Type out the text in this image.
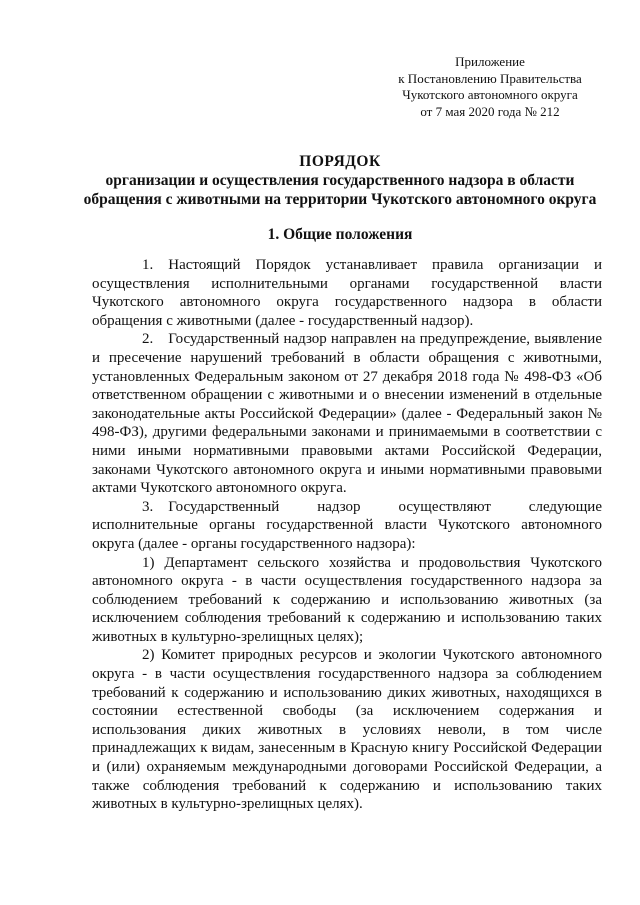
Приложение
к Постановлению Правительства
Чукотского автономного округа
от 7 мая 2020 года № 212
ПОРЯДОК
организации и осуществления государственного надзора в области
обращения с животными на территории Чукотского автономного округа
1. Общие положения

1. Настоящий Порядок устанавливает правила организации и осуществления исполнительными органами государственной власти Чукотского автономного округа государственного надзора в области обращения с животными (далее - государственный надзор).

2. Государственный надзор направлен на предупреждение, выявление и пресечение нарушений требований в области обращения с животными, установленных Федеральным законом от 27 декабря 2018 года № 498-ФЗ «Об ответственном обращении с животными и о внесении изменений в отдельные законодательные акты Российской Федерации» (далее - Федеральный закон № 498-ФЗ), другими федеральными законами и принимаемыми в соответствии с ними иными нормативными правовыми актами Российской Федерации, законами Чукотского автономного округа и иными нормативными правовыми актами Чукотского автономного округа.

3. Государственный надзор осуществляют следующие исполнительные органы государственной власти Чукотского автономного округа (далее - органы государственного надзора):

1) Департамент сельского хозяйства и продовольствия Чукотского автономного округа - в части осуществления государственного надзора за соблюдением требований к содержанию и использованию животных (за исключением соблюдения требований к содержанию и использованию таких животных в культурно-зрелищных целях);

2) Комитет природных ресурсов и экологии Чукотского автономного округа - в части осуществления государственного надзора за соблюдением требований к содержанию и использованию диких животных, находящихся в состоянии естественной свободы (за исключением содержания и использования диких животных в условиях неволи, в том числе принадлежащих к видам, занесенным в Красную книгу Российской Федерации и (или) охраняемым международными договорами Российской Федерации, а также соблюдения требований к содержанию и использованию таких животных в культурно-зрелищных целях).
